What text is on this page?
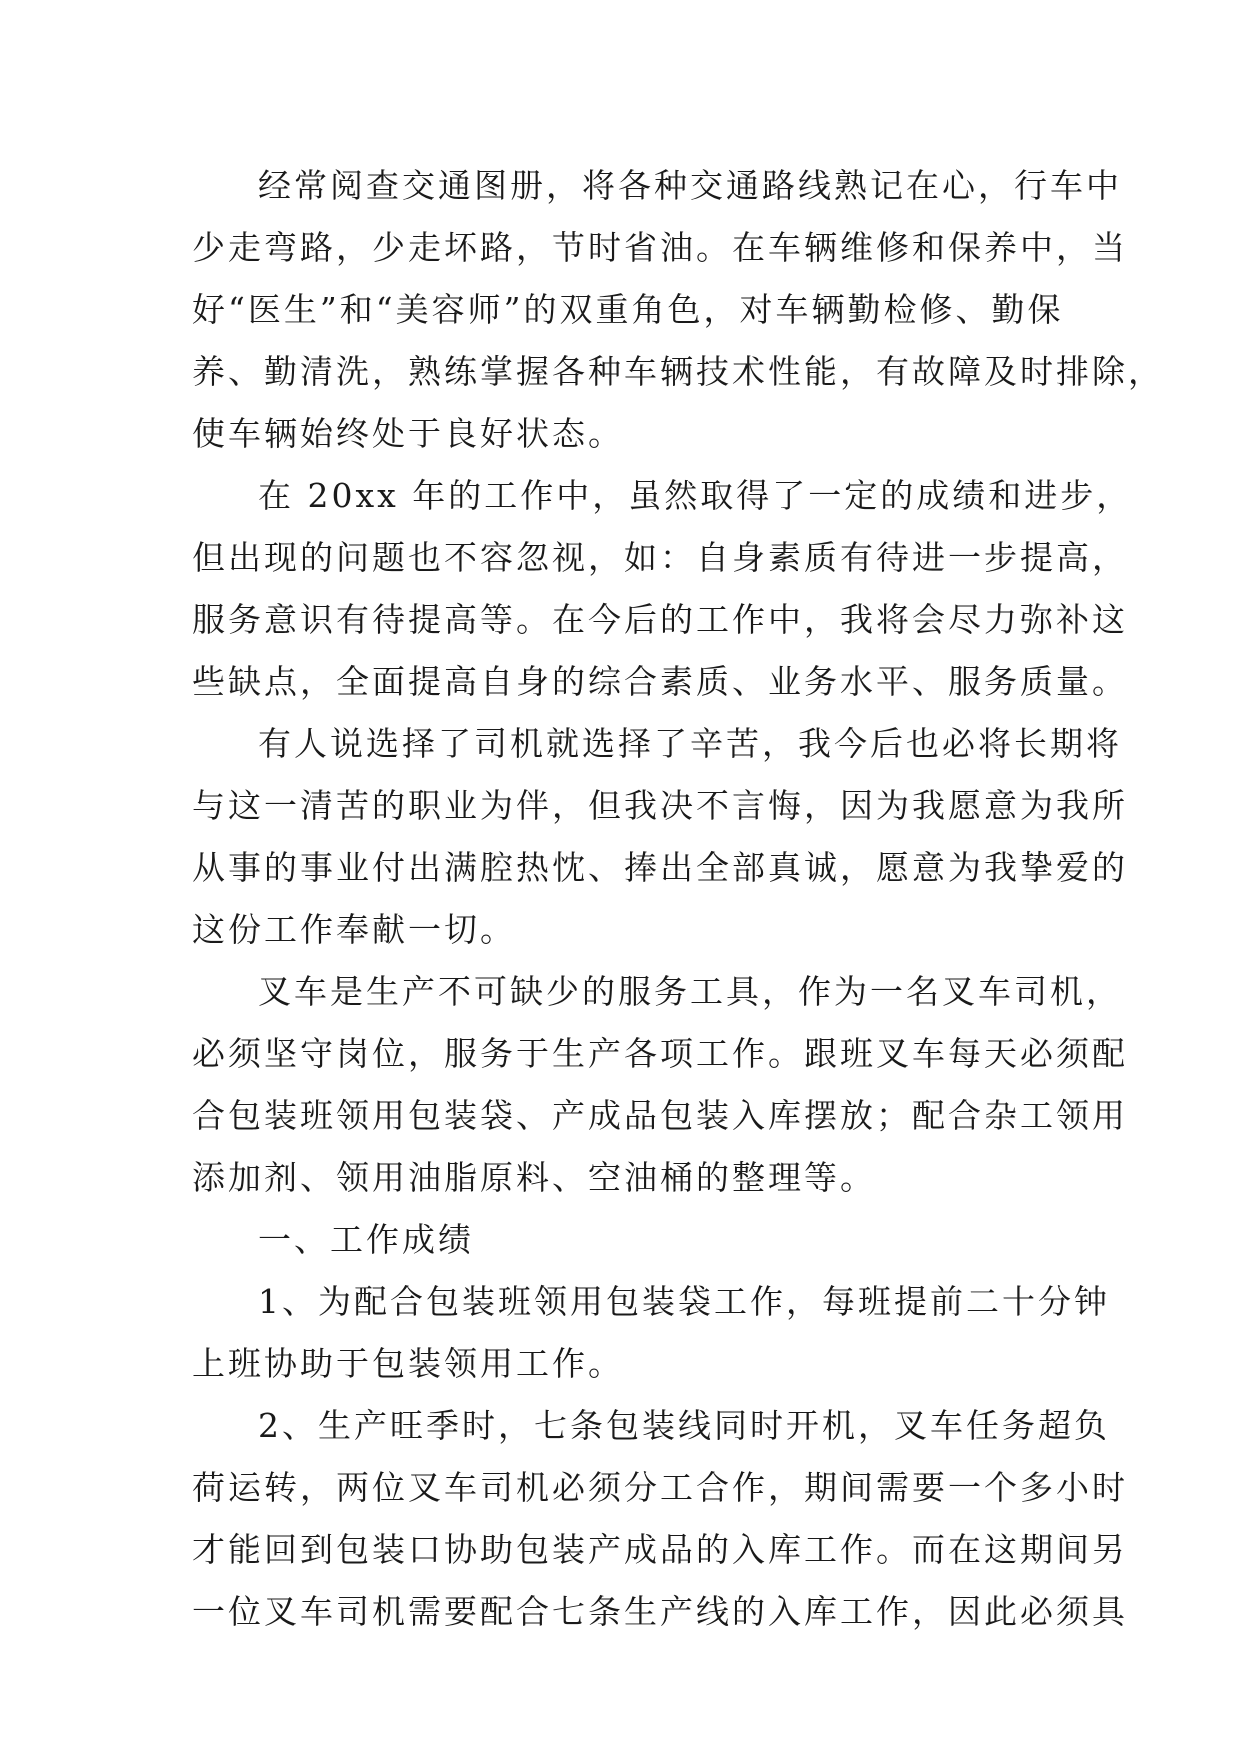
经常阅查交通图册，将各种交通路线熟记在心，行车中
少走弯路，少走坏路，节时省油。在车辆维修和保养中，当
好“医生”和“美容师”的双重角色，对车辆勤检修、勤保
养、勤清洗，熟练掌握各种车辆技术性能，有故障及时排除，
使车辆始终处于良好状态。
在 20xx 年的工作中，虽然取得了一定的成绩和进步，
但出现的问题也不容忽视，如：自身素质有待进一步提高，
服务意识有待提高等。在今后的工作中，我将会尽力弥补这
些缺点，全面提高自身的综合素质、业务水平、服务质量。
有人说选择了司机就选择了辛苦，我今后也必将长期将
与这一清苦的职业为伴，但我决不言悔，因为我愿意为我所
从事的事业付出满腔热忱、捧出全部真诚，愿意为我挚爱的
这份工作奉献一切。
叉车是生产不可缺少的服务工具，作为一名叉车司机，
必须坚守岗位，服务于生产各项工作。跟班叉车每天必须配
合包装班领用包装袋、产成品包装入库摆放；配合杂工领用
添加剂、领用油脂原料、空油桶的整理等。
一、工作成绩
1、为配合包装班领用包装袋工作，每班提前二十分钟
上班协助于包装领用工作。
2、生产旺季时，七条包装线同时开机，叉车任务超负
荷运转，两位叉车司机必须分工合作，期间需要一个多小时
才能回到包装口协助包装产成品的入库工作。而在这期间另
一位叉车司机需要配合七条生产线的入库工作，因此必须具
